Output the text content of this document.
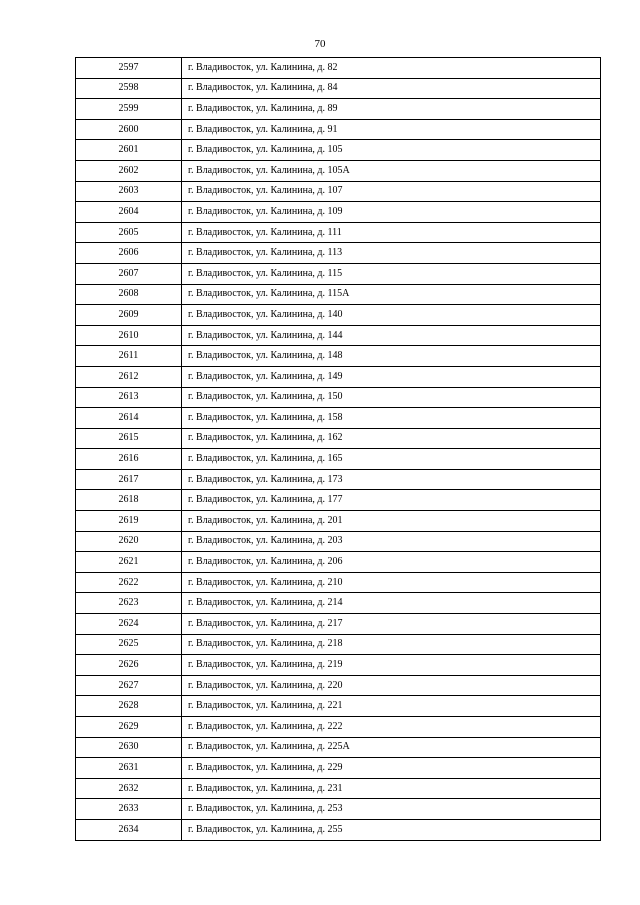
70
2597	г. Владивосток, ул. Калинина, д. 82
2598	г. Владивосток, ул. Калинина, д. 84
2599	г. Владивосток, ул. Калинина, д. 89
2600	г. Владивосток, ул. Калинина, д. 91
2601	г. Владивосток, ул. Калинина, д. 105
2602	г. Владивосток, ул. Калинина, д. 105А
2603	г. Владивосток, ул. Калинина, д. 107
2604	г. Владивосток, ул. Калинина, д. 109
2605	г. Владивосток, ул. Калинина, д. 111
2606	г. Владивосток, ул. Калинина, д. 113
2607	г. Владивосток, ул. Калинина, д. 115
2608	г. Владивосток, ул. Калинина, д. 115А
2609	г. Владивосток, ул. Калинина, д. 140
2610	г. Владивосток, ул. Калинина, д. 144
2611	г. Владивосток, ул. Калинина, д. 148
2612	г. Владивосток, ул. Калинина, д. 149
2613	г. Владивосток, ул. Калинина, д. 150
2614	г. Владивосток, ул. Калинина, д. 158
2615	г. Владивосток, ул. Калинина, д. 162
2616	г. Владивосток, ул. Калинина, д. 165
2617	г. Владивосток, ул. Калинина, д. 173
2618	г. Владивосток, ул. Калинина, д. 177
2619	г. Владивосток, ул. Калинина, д. 201
2620	г. Владивосток, ул. Калинина, д. 203
2621	г. Владивосток, ул. Калинина, д. 206
2622	г. Владивосток, ул. Калинина, д. 210
2623	г. Владивосток, ул. Калинина, д. 214
2624	г. Владивосток, ул. Калинина, д. 217
2625	г. Владивосток, ул. Калинина, д. 218
2626	г. Владивосток, ул. Калинина, д. 219
2627	г. Владивосток, ул. Калинина, д. 220
2628	г. Владивосток, ул. Калинина, д. 221
2629	г. Владивосток, ул. Калинина, д. 222
2630	г. Владивосток, ул. Калинина, д. 225А
2631	г. Владивосток, ул. Калинина, д. 229
2632	г. Владивосток, ул. Калинина, д. 231
2633	г. Владивосток, ул. Калинина, д. 253
2634	г. Владивосток, ул. Калинина, д. 255
